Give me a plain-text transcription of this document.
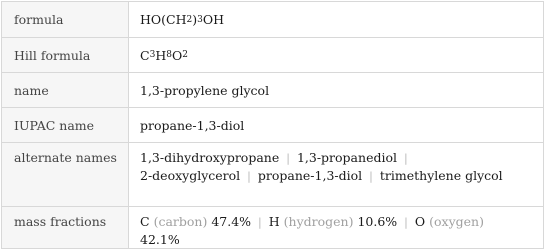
formula	HO(CH 2 ) 3 OH
Hill formula	C 3 H 8 O 2
name	1,3-propylene glycol
IUPAC name	propane-1,3-diol
alternate names	1,3-dihydroxypropane | 1,3-propanediol |
2-deoxyglycerol | propane-1,3-diol | trimethylene glycol
mass fractions	C (carbon) 47.4% | H (hydrogen) 10.6% | O (oxygen)
42.1%
